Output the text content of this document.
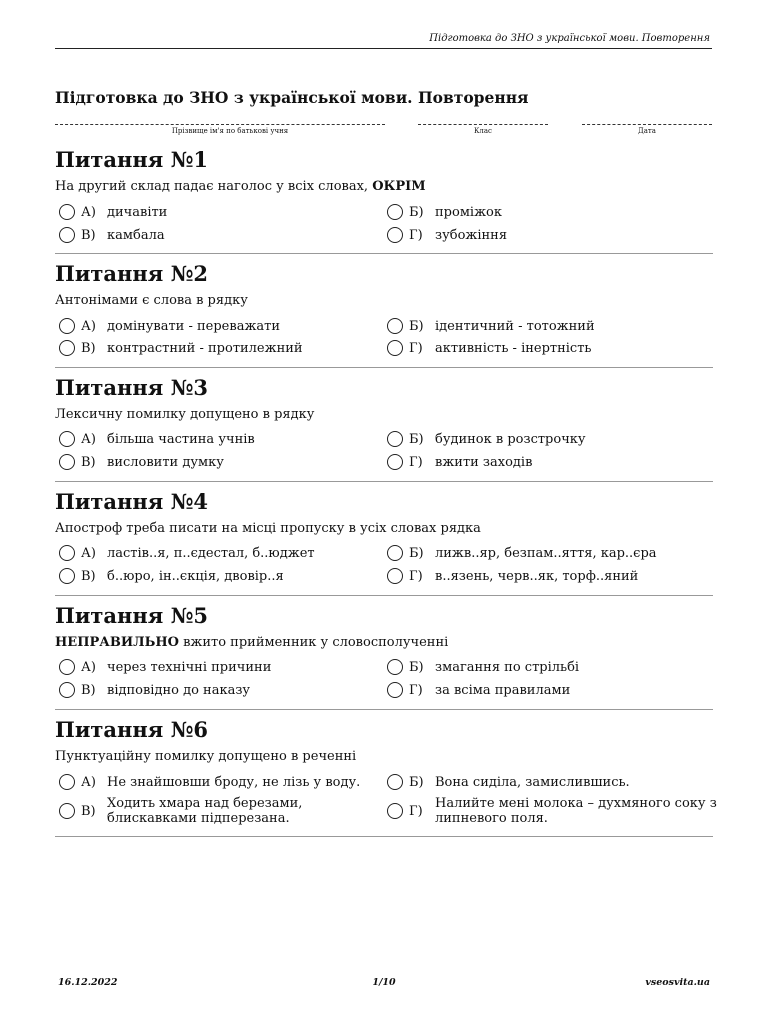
Підготовка до ЗНО з української мови. Повторення
Підготовка до ЗНО з української мови. Повторення
Прізвище ім'я по батькові учня	Клас	Дата
Питання №1
На другий склад падає наголос у всіх словах, ОКРІМ
А) дичавіти	Б) проміжок
В) камбала	Г) зубожіння
Питання №2
Антонімами є слова в рядку
А) домінувати - переважати	Б) ідентичний - тотожний
В) контрастний - протилежний	Г) активність - інертність
Питання №3
Лексичну помилку допущено в рядку
А) більша частина учнів	Б) будинок в розстрочку
В) висловити думку	Г) вжити заходів
Питання №4
Апостроф треба писати на місці пропуску в усіх словах рядка
А) ластів..я, п..єдестал, б..юджет	Б) лижв..яр, безпам..яття, кар..єра
В) б..юро, ін..єкція, двовір..я	Г) в..язень, черв..як, торф..яний
Питання №5
НЕПРАВИЛЬНО вжито прийменник у словосполученні
А) через технічні причини	Б) змагання по стрільбі
В) відповідно до наказу	Г) за всіма правилами
Питання №6
Пунктуаційну помилку допущено в реченні
А) Не знайшовши броду, не лізь у воду.	Б) Вона сиділа, замислившись.
В) Ходить хмара над березами, блискавками підперезана.	Г) Налийте мені молока – духмяного соку з липневого поля.
16.12.2022	1/10	vseosvita.ua
